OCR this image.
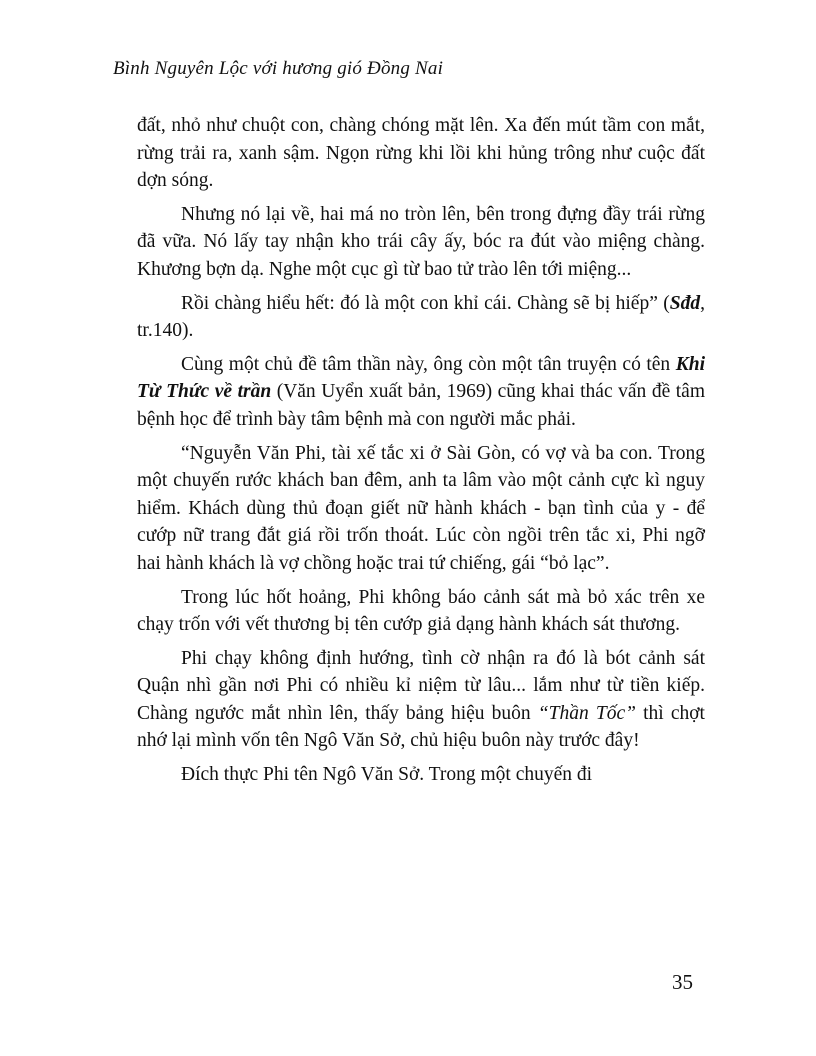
Bình Nguyên Lộc với hương gió Đồng Nai

đất, nhỏ như chuột con, chàng chóng mặt lên. Xa đến mút tầm con mắt, rừng trải ra, xanh sậm. Ngọn rừng khi lồi khi hủng trông như cuộc đất dợn sóng.

Nhưng nó lại về, hai má no tròn lên, bên trong đựng đầy trái rừng đã vữa. Nó lấy tay nhận kho trái cây ấy, bóc ra đút vào miệng chàng. Khương bợn dạ. Nghe một cục gì từ bao tử trào lên tới miệng...

Rồi chàng hiểu hết: đó là một con khỉ cái. Chàng sẽ bị hiếp” (Sđd, tr.140).

Cùng một chủ đề tâm thần này, ông còn một tân truyện có tên Khi Từ Thức về trần (Văn Uyển xuất bản, 1969) cũng khai thác vấn đề tâm bệnh học để trình bày tâm bệnh mà con người mắc phải.

“Nguyễn Văn Phi, tài xế tắc xi ở Sài Gòn, có vợ và ba con. Trong một chuyến rước khách ban đêm, anh ta lâm vào một cảnh cực kì nguy hiểm. Khách dùng thủ đoạn giết nữ hành khách - bạn tình của y - để cướp nữ trang đắt giá rồi trốn thoát. Lúc còn ngồi trên tắc xi, Phi ngỡ hai hành khách là vợ chồng hoặc trai tứ chiếng, gái “bỏ lạc”.

Trong lúc hốt hoảng, Phi không báo cảnh sát mà bỏ xác trên xe chạy trốn với vết thương bị tên cướp giả dạng hành khách sát thương.

Phi chạy không định hướng, tình cờ nhận ra đó là bót cảnh sát Quận nhì gần nơi Phi có nhiều kỉ niệm từ lâu... lắm như từ tiền kiếp. Chàng ngước mắt nhìn lên, thấy bảng hiệu buôn “Thần Tốc” thì chợt nhớ lại mình vốn tên Ngô Văn Sở, chủ hiệu buôn này trước đây!

Đích thực Phi tên Ngô Văn Sở. Trong một chuyến đi

35
